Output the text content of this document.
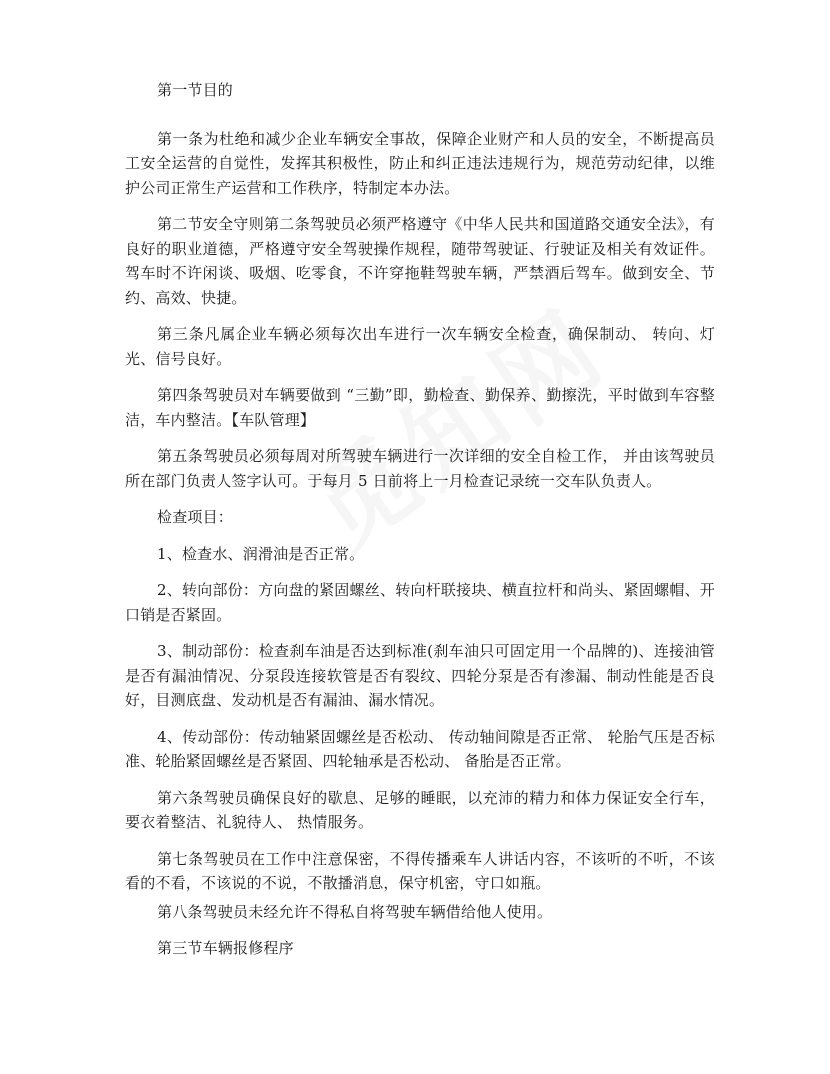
第一节目的

第一条为杜绝和减少企业车辆安全事故，保障企业财产和人员的安全，不断提高员工安全运营的自觉性，发挥其积极性，防止和纠正违法违规行为，规范劳动纪律，以维护公司正常生产运营和工作秩序，特制定本办法。

第二节安全守则第二条驾驶员必须严格遵守《中华人民共和国道路交通安全法》，有良好的职业道德，严格遵守安全驾驶操作规程，随带驾驶证、行驶证及相关有效证件。驾车时不许闲谈、吸烟、吃零食，不许穿拖鞋驾驶车辆，严禁酒后驾车。做到安全、节约、高效、快捷。

第三条凡属企业车辆必须每次出车进行一次车辆安全检查，确保制动、 转向、灯光、信号良好。

第四条驾驶员对车辆要做到 “三勤”即，勤检查、勤保养、勤擦洗，平时做到车容整洁，车内整洁。【车队管理】

第五条驾驶员必须每周对所驾驶车辆进行一次详细的安全自检工作， 并由该驾驶员所在部门负责人签字认可。于每月 5 日前将上一月检查记录统一交车队负责人。

检查项目：

1、检查水、润滑油是否正常。

2、转向部份：方向盘的紧固螺丝、转向杆联接块、横直拉杆和尚头、紧固螺帽、开口销是否紧固。

3、制动部份：检查刹车油是否达到标准(刹车油只可固定用一个品牌的)、连接油管是否有漏油情况、分泵段连接软管是否有裂纹、四轮分泵是否有渗漏、制动性能是否良好，目测底盘、发动机是否有漏油、漏水情况。

4、传动部份：传动轴紧固螺丝是否松动、 传动轴间隙是否正常、 轮胎气压是否标准、轮胎紧固螺丝是否紧固、四轮轴承是否松动、 备胎是否正常。

第六条驾驶员确保良好的歇息、足够的睡眠，以充沛的精力和体力保证安全行车， 要衣着整洁、礼貌待人、 热情服务。

第七条驾驶员在工作中注意保密，不得传播乘车人讲话内容，不该听的不听，不该看的不看，不该说的不说，不散播消息，保守机密，守口如瓶。

第八条驾驶员未经允许不得私自将驾驶车辆借给他人使用。

第三节车辆报修程序
